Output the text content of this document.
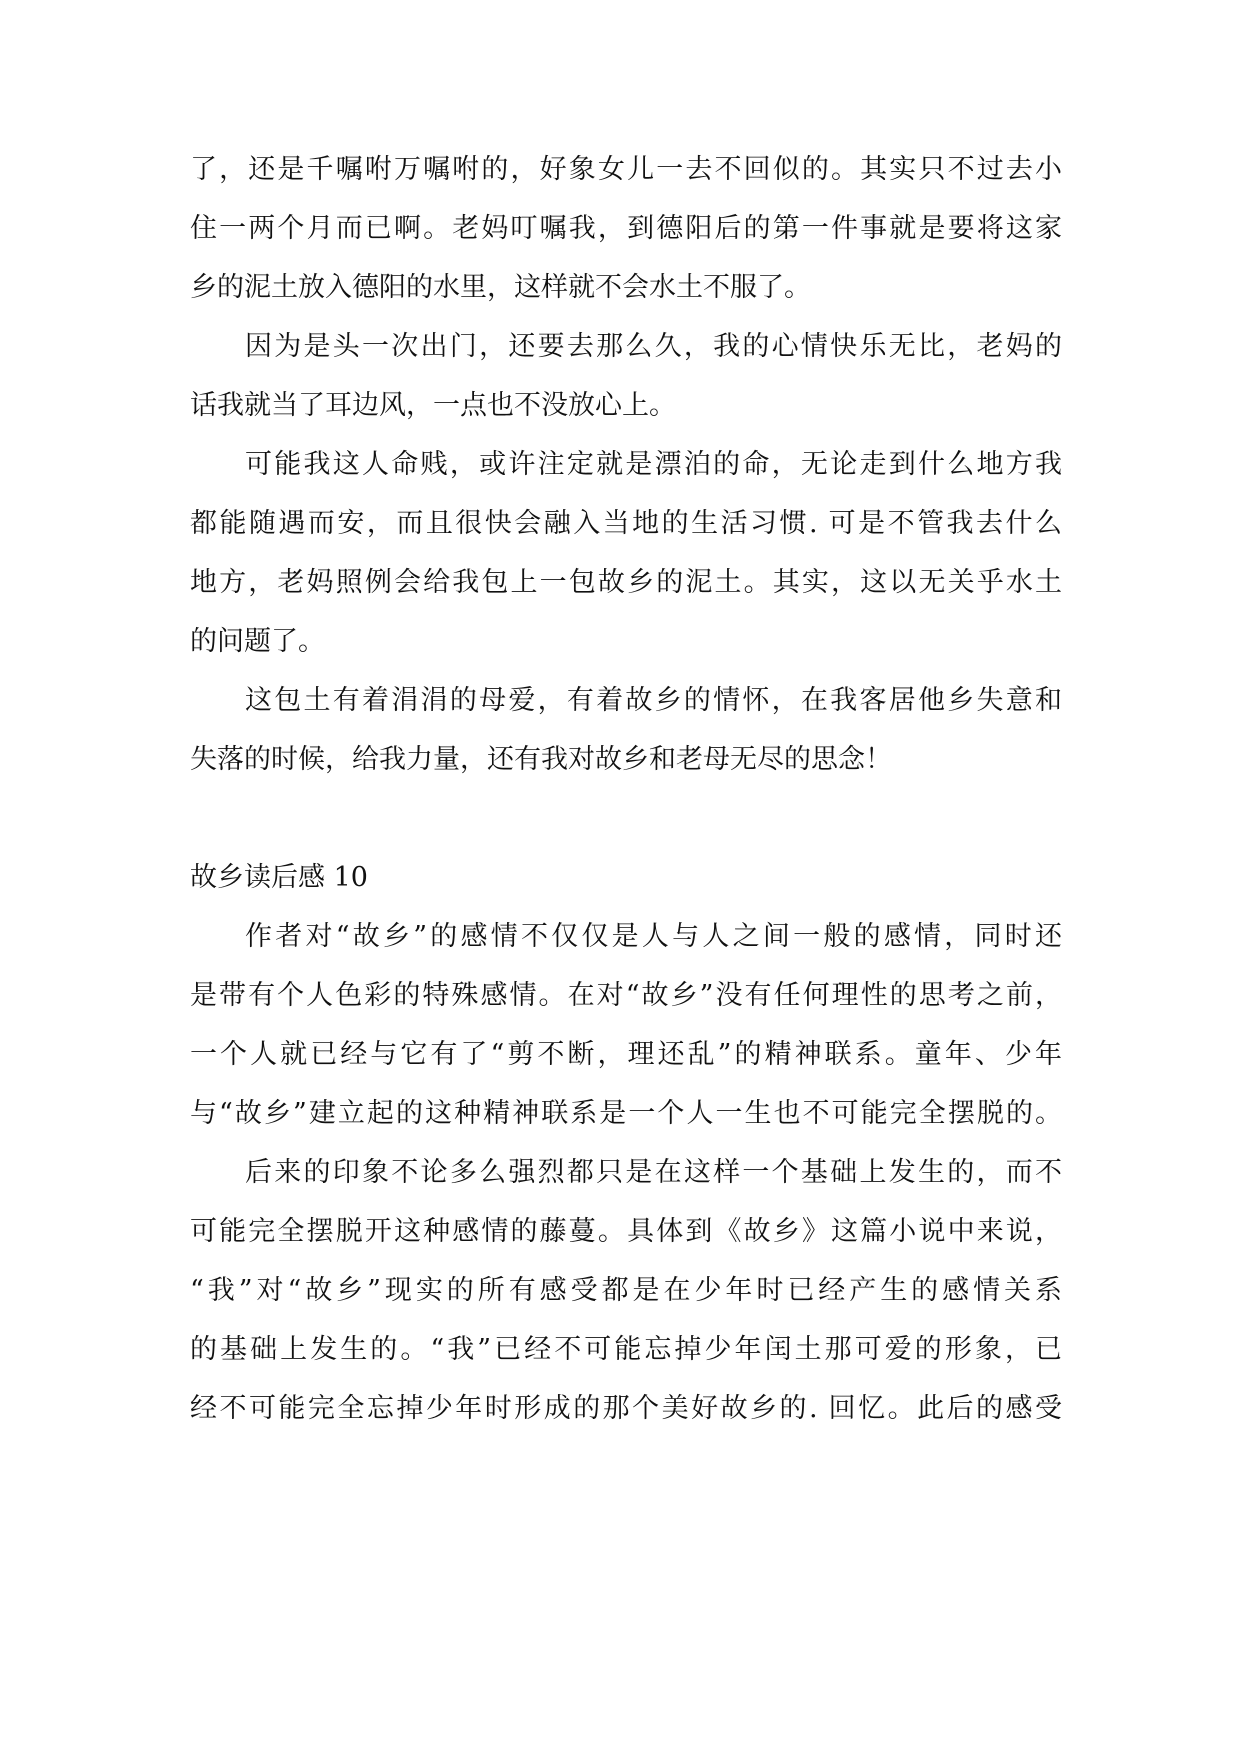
了，还是千嘱咐万嘱咐的，好象女儿一去不回似的。其实只不过去小
住一两个月而已啊。老妈叮嘱我，到德阳后的第一件事就是要将这家
乡的泥土放入德阳的水里，这样就不会水土不服了。
因为是头一次出门，还要去那么久，我的心情快乐无比，老妈的
话我就当了耳边风，一点也不没放心上。
可能我这人命贱，或许注定就是漂泊的命，无论走到什么地方我
都能随遇而安，而且很快会融入当地的生活习惯. 可是不管我去什么
地方，老妈照例会给我包上一包故乡的泥土。其实，这以无关乎水土
的问题了。
这包土有着涓涓的母爱，有着故乡的情怀，在我客居他乡失意和
失落的时候，给我力量，还有我对故乡和老母无尽的思念！
故乡读后感 10
作者对“故乡”的感情不仅仅是人与人之间一般的感情，同时还
是带有个人色彩的特殊感情。在对“故乡”没有任何理性的思考之前，
一个人就已经与它有了“剪不断，理还乱”的精神联系。童年、少年
与“故乡”建立起的这种精神联系是一个人一生也不可能完全摆脱的。
后来的印象不论多么强烈都只是在这样一个基础上发生的，而不
可能完全摆脱开这种感情的藤蔓。具体到《故乡》这篇小说中来说，
“我”对“故乡”现实的所有感受都是在少年时已经产生的感情关系
的基础上发生的。“我”已经不可能忘掉少年闰土那可爱的形象，已
经不可能完全忘掉少年时形成的那个美好故乡的. 回忆。此后的感受
